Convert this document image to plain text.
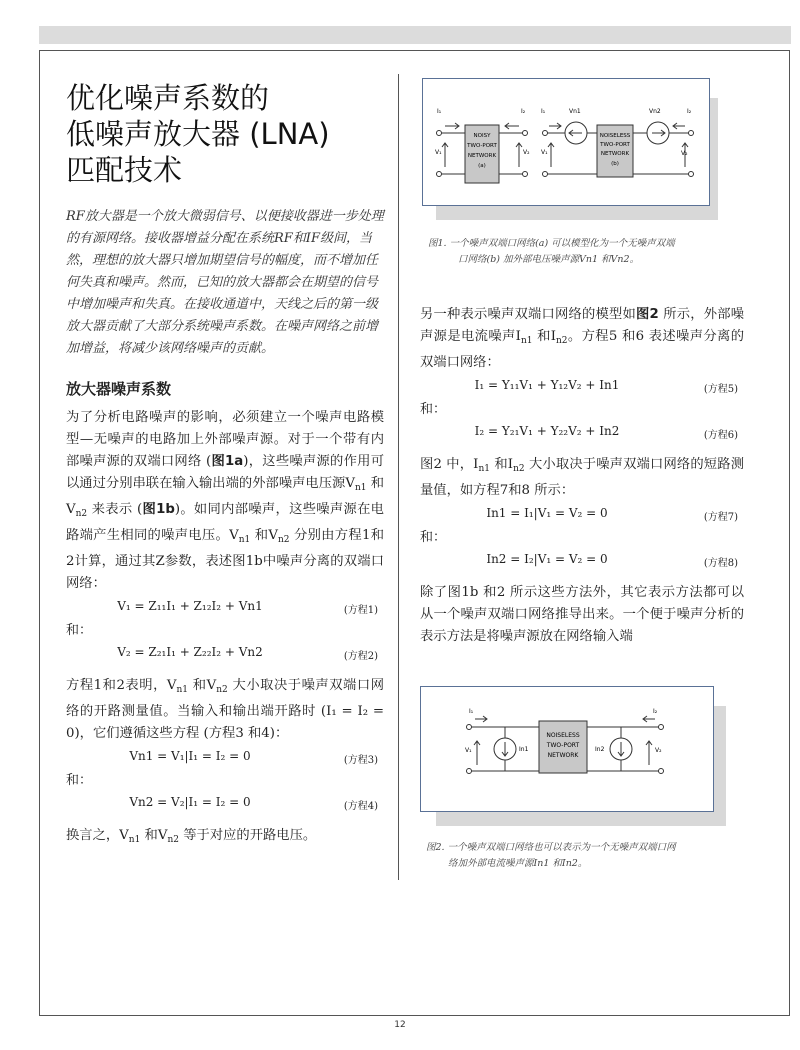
优化噪声系数的
低噪声放大器 (LNA)
匹配技术
RF放大器是一个放大微弱信号、以便接收器进一步处理的有源网络。接收器增益分配在系统RF和IF级间，当然，理想的放大器只增加期望信号的幅度，而不增加任何失真和噪声。然而，已知的放大器都会在期望的信号中增加噪声和失真。在接收通道中，天线之后的第一级放大器贡献了大部分系统噪声系数。在噪声网络之前增加增益，将减少该网络噪声的贡献。
放大器噪声系数

为了分析电路噪声的影响，必须建立一个噪声电路模型—无噪声的电路加上外部噪声源。对于一个带有内部噪声源的双端口网络 (图1a)，这些噪声源的作用可以通过分别串联在输入输出端的外部噪声电压源$V_{n1}$ 和$V_{n2}$ 来表示 (图1b)。如同内部噪声，这些噪声源在电路端产生相同的噪声电压。$V_{n1}$ 和$V_{n2}$ 分别由方程1和2计算，通过其Z参数，表述图1b中噪声分离的双端口网络：

V₁ = Z₁₁I₁ + Z₁₂I₂ + Vn1	(方程1)
和：
V₂ = Z₂₁I₁ + Z₂₂I₂ + Vn2	(方程2)

方程1和2表明，$V_{n1}$ 和$V_{n2}$ 大小取决于噪声双端口网络的开路测量值。当输入和输出端开路时 (I₁ = I₂ = 0)，它们遵循这些方程 (方程3 和4)：

Vn1 = V₁|I₁ = I₂ = 0	(方程3)
和：
Vn2 = V₂|I₁ = I₂ = 0	(方程4)

换言之，$V_{n1}$ 和$V_{n2}$ 等于对应的开路电压。

NOISY
TWO-PORT
NETWORK
(a)
I₁	I₂
V₁	V₂
NOISELESS
TWO-PORT
NETWORK
(b)
I₁	I₂
Vn1	Vn2
V₁	V₂
图1. 一个噪声双端口网络(a) 可以模型化为一个无噪声双端
口网络(b) 加外部电压噪声源Vn1 和Vn2。

另一种表示噪声双端口网络的模型如图2 所示，外部噪声源是电流噪声$I_{n1}$ 和$I_{n2}$。方程5 和6 表述噪声分离的双端口网络：

I₁ = Y₁₁V₁ + Y₁₂V₂ + In1	(方程5)
和：
I₂ = Y₂₁V₁ + Y₂₂V₂ + In2	(方程6)

图2 中，$I_{n1}$ 和$I_{n2}$ 大小取决于噪声双端口网络的短路测量值，如方程7和8 所示：

In1 = I₁|V₁ = V₂ = 0	(方程7)
和：
In2 = I₂|V₁ = V₂ = 0	(方程8)

除了图1b 和2 所示这些方法外，其它表示方法都可以从一个噪声双端口网络推导出来。一个便于噪声分析的表示方法是将噪声源放在网络输入端

NOISELESS
TWO-PORT
NETWORK
I₁	I₂
V₁	V₂
In1	In2
图2. 一个噪声双端口网络也可以表示为一个无噪声双端口网
络加外部电流噪声源In1 和In2。
12
